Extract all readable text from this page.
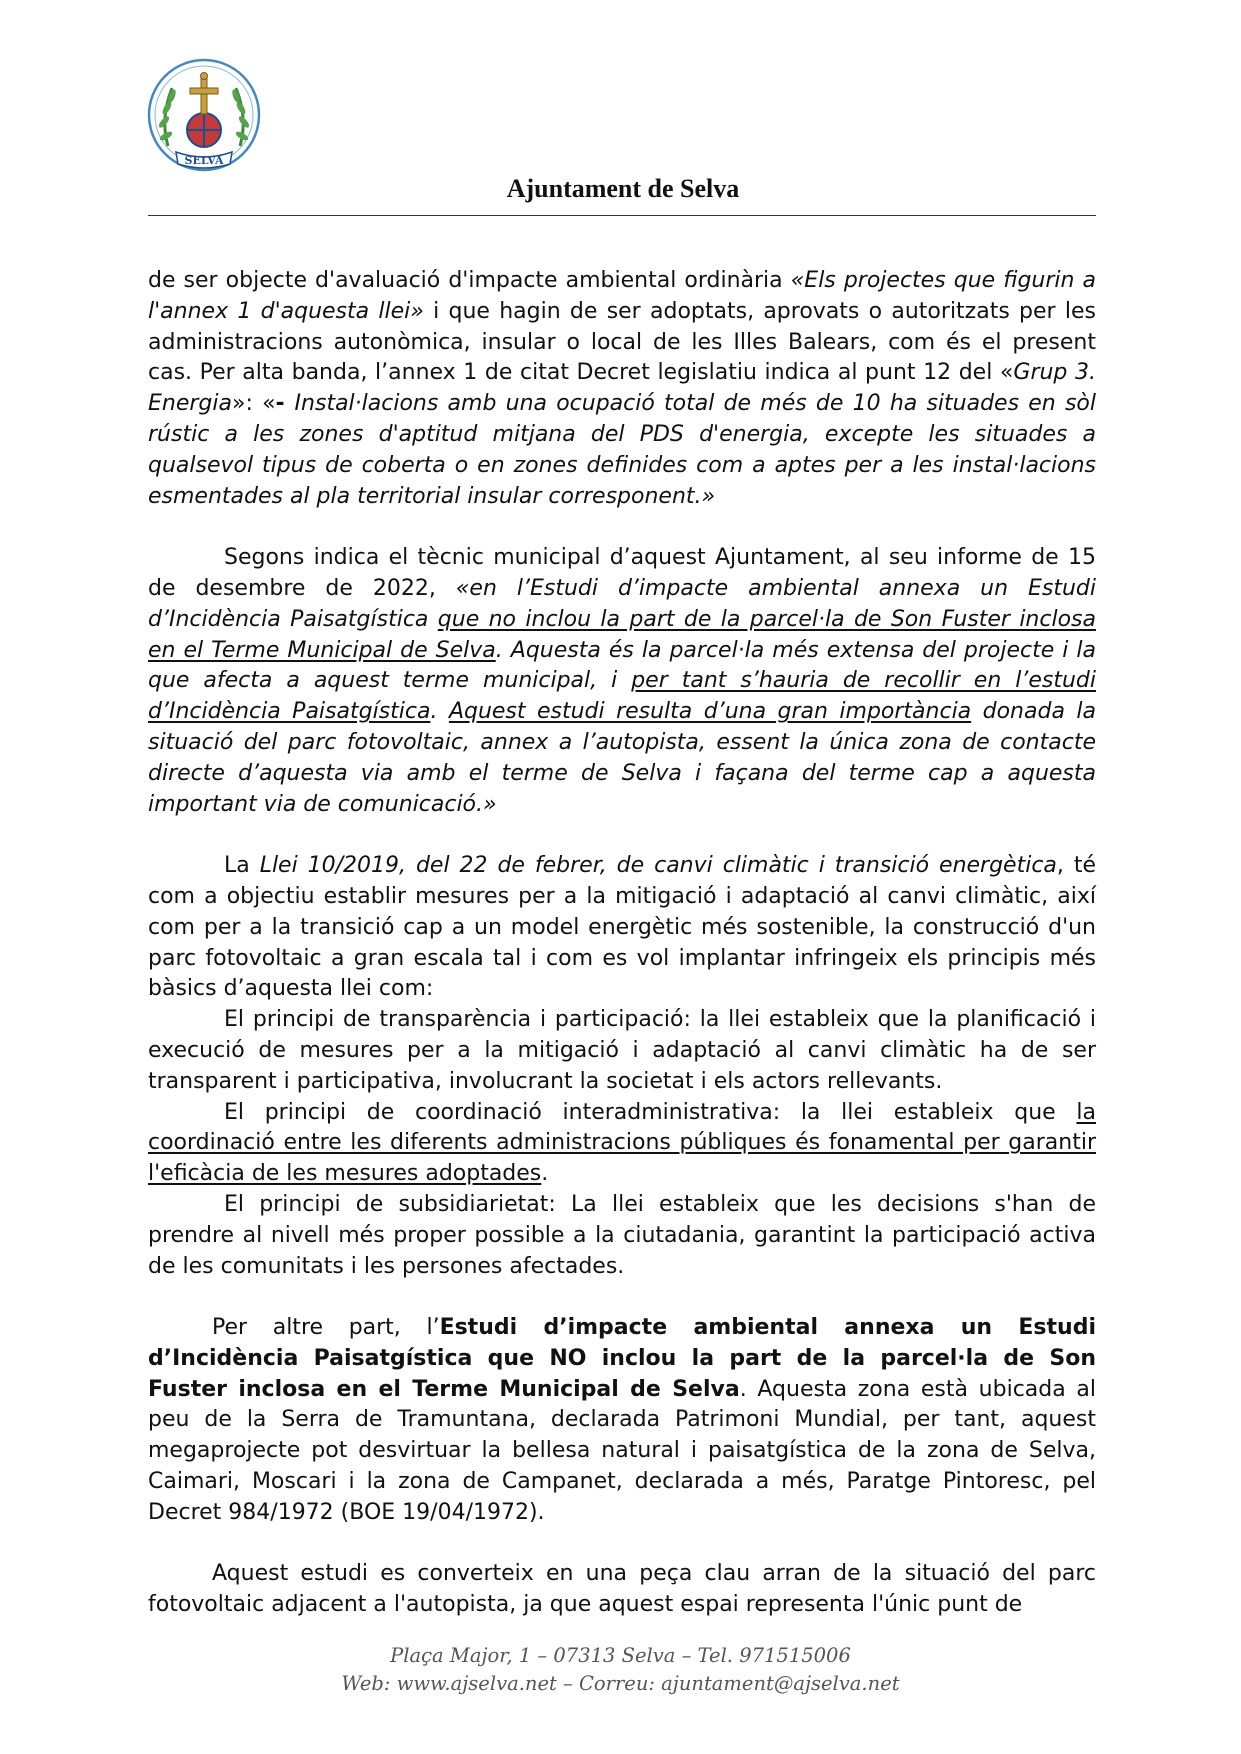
SELVA
Ajuntament de Selva

de ser objecte d'avaluació d'impacte ambiental ordinària «Els projectes que figurin a l'annex 1 d'aquesta llei» i que hagin de ser adoptats, aprovats o autoritzats per les administracions autonòmica, insular o local de les Illes Balears, com és el present cas. Per alta banda, l’annex 1 de citat Decret legislatiu indica al punt 12 del «Grup 3. Energia»: «- Instal·lacions amb una ocupació total de més de 10 ha situades en sòl rústic a les zones d'aptitud mitjana del PDS d'energia, excepte les situades a qualsevol tipus de coberta o en zones definides com a aptes per a les instal·lacions esmentades al pla territorial insular corresponent.»

Segons indica el tècnic municipal d’aquest Ajuntament, al seu informe de 15 de desembre de 2022, «en l’Estudi d’impacte ambiental annexa un Estudi d’Incidència Paisatgística que no inclou la part de la parcel·la de Son Fuster inclosa en el Terme Municipal de Selva. Aquesta és la parcel·la més extensa del projecte i la que afecta a aquest terme municipal, i per tant s’hauria de recollir en l’estudi d’Incidència Paisatgística. Aquest estudi resulta d’una gran importància donada la situació del parc fotovoltaic, annex a l’autopista, essent la única zona de contacte directe d’aquesta via amb el terme de Selva i façana del terme cap a aquesta important via de comunicació.»

La Llei 10/2019, del 22 de febrer, de canvi climàtic i transició energètica, té com a objectiu establir mesures per a la mitigació i adaptació al canvi climàtic, així com per a la transició cap a un model energètic més sostenible, la construcció d'un parc fotovoltaic a gran escala tal i com es vol implantar infringeix els principis més bàsics d’aquesta llei com:

El principi de transparència i participació: la llei estableix que la planificació i execució de mesures per a la mitigació i adaptació al canvi climàtic ha de ser transparent i participativa, involucrant la societat i els actors rellevants.

El principi de coordinació interadministrativa: la llei estableix que la coordinació entre les diferents administracions públiques és fonamental per garantir l'eficàcia de les mesures adoptades.

El principi de subsidiarietat: La llei estableix que les decisions s'han de prendre al nivell més proper possible a la ciutadania, garantint la participació activa de les comunitats i les persones afectades.

Per altre part, l’Estudi d’impacte ambiental annexa un Estudi d’Incidència Paisatgística que NO inclou la part de la parcel·la de Son Fuster inclosa en el Terme Municipal de Selva. Aquesta zona està ubicada al peu de la Serra de Tramuntana, declarada Patrimoni Mundial, per tant, aquest megaprojecte pot desvirtuar la bellesa natural i paisatgística de la zona de Selva, Caimari, Moscari i la zona de Campanet, declarada a més, Paratge Pintoresc, pel Decret 984/1972 (BOE 19/04/1972).

Aquest estudi es converteix en una peça clau arran de la situació del parc fotovoltaic adjacent a l'autopista, ja que aquest espai representa l'únic punt de

Plaça Major, 1 – 07313 Selva – Tel. 971515006
Web: www.ajselva.net – Correu: ajuntament@ajselva.net
